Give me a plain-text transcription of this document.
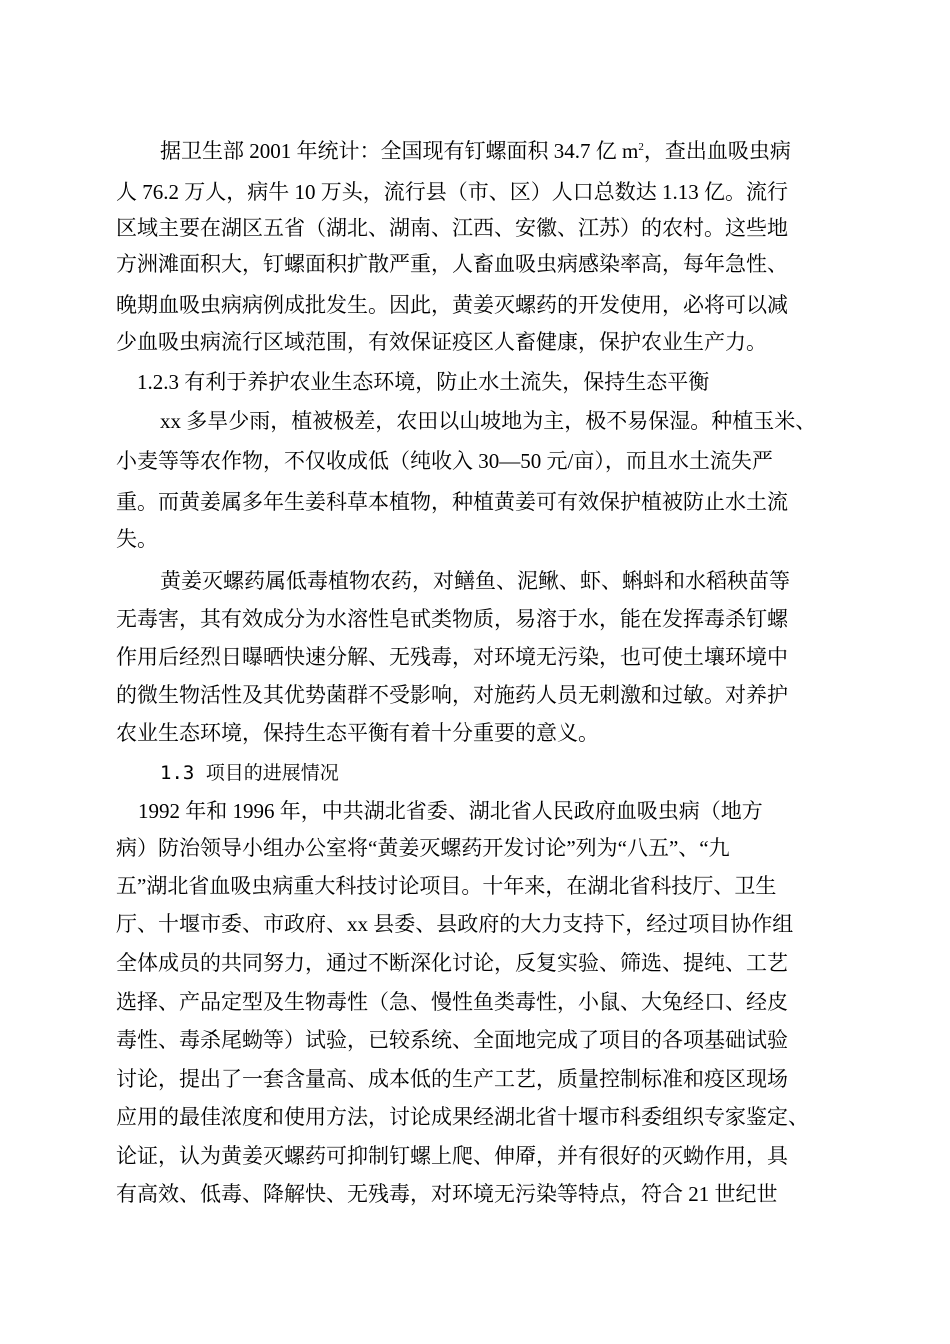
据卫生部 2001 年统计：全国现有钉螺面积 34.7 亿 $m^2$，查出血吸虫病
人 76.2 万人，病牛 10 万头，流行县（市、区）人口总数达 1.13 亿。流行
区域主要在湖区五省（湖北、湖南、江西、安徽、江苏）的农村。这些地
方洲滩面积大，钉螺面积扩散严重，人畜血吸虫病感染率高，每年急性、
晚期血吸虫病病例成批发生。因此，黄姜灭螺药的开发使用，必将可以减
少血吸虫病流行区域范围，有效保证疫区人畜健康，保护农业生产力。
1.2.3 有利于养护农业生态环境，防止水土流失，保持生态平衡
xx 多旱少雨，植被极差，农田以山坡地为主，极不易保湿。种植玉米、
小麦等等农作物，不仅收成低（纯收入 30—50 元/亩），而且水土流失严
重。而黄姜属多年生姜科草本植物，种植黄姜可有效保护植被防止水土流
失。
黄姜灭螺药属低毒植物农药，对鳝鱼、泥鳅、虾、蝌蚪和水稻秧苗等
无毒害，其有效成分为水溶性皂甙类物质，易溶于水，能在发挥毒杀钉螺
作用后经烈日曝晒快速分解、无残毒，对环境无污染，也可使土壤环境中
的微生物活性及其优势菌群不受影响，对施药人员无刺激和过敏。对养护
农业生态环境，保持生态平衡有着十分重要的意义。
1.3 项目的进展情况
1992 年和 1996 年，中共湖北省委、湖北省人民政府血吸虫病（地方
病）防治领导小组办公室将“黄姜灭螺药开发讨论”列为“八五”、“九
五”湖北省血吸虫病重大科技讨论项目。十年来，在湖北省科技厅、卫生
厅、十堰市委、市政府、xx 县委、县政府的大力支持下，经过项目协作组
全体成员的共同努力，通过不断深化讨论，反复实验、筛选、提纯、工艺
选择、产品定型及生物毒性（急、慢性鱼类毒性，小鼠、大兔经口、经皮
毒性、毒杀尾蚴等）试验，已较系统、全面地完成了项目的各项基础试验
讨论，提出了一套含量高、成本低的生产工艺，质量控制标准和疫区现场
应用的最佳浓度和使用方法，讨论成果经湖北省十堰市科委组织专家鉴定、
论证，认为黄姜灭螺药可抑制钉螺上爬、伸厣，并有很好的灭蚴作用，具
有高效、低毒、降解快、无残毒，对环境无污染等特点，符合 21 世纪世
